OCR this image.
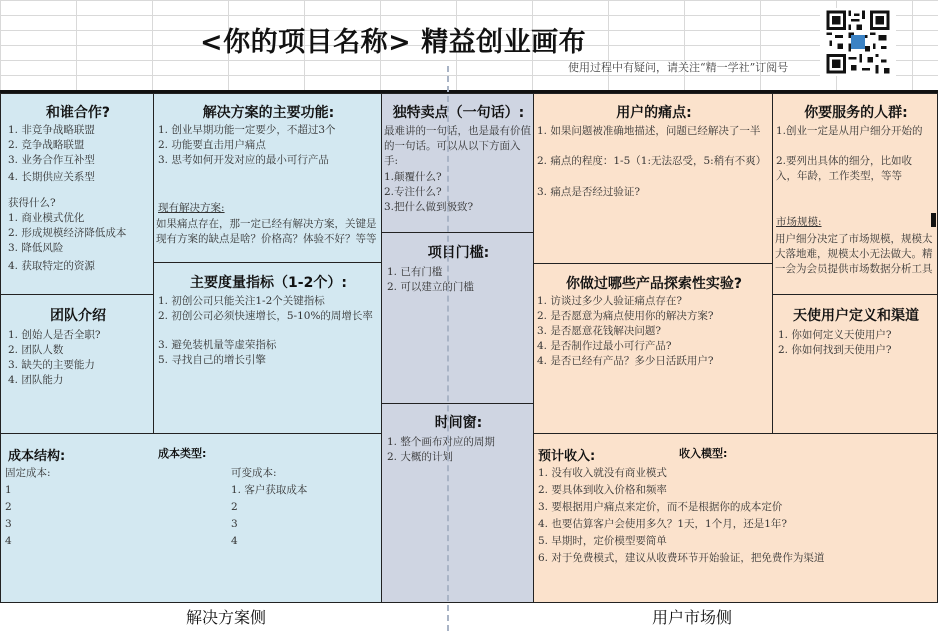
<你的项目名称> 精益创业画布
使用过程中有疑问，请关注“精一学社”订阅号
和谁合作?
1. 非竞争战略联盟
2. 竞争战略联盟
3. 业务合作互补型
4. 长期供应关系型
获得什么?
1. 商业模式优化
2. 形成规模经济降低成本
3. 降低风险
4. 获取特定的资源
团队介绍
1. 创始人是否全职?
2. 团队人数
3. 缺失的主要能力
4. 团队能力
解决方案的主要功能:
1. 创业早期功能一定要少，不超过3个
2. 功能要直击用户痛点
3. 思考如何开发对应的最小可行产品
现有解决方案:
如果痛点存在，那一定已经有解决方案，关键是现有方案的缺点是啥？价格高？体验不好？等等
主要度量指标（1-2个）:
1. 初创公司只能关注1-2个关键指标
2. 初创公司必须快速增长，5-10%的周增长率
3. 避免装机量等虚荣指标
5. 寻找自己的增长引擎
独特卖点（一句话）:
最难讲的一句话，也是最有价值的一句话。可以从以下方面入手:
1.颠覆什么?
2.专注什么?
3.把什么做到极致?
项目门槛:
1. 已有门槛
2. 可以建立的门槛
时间窗:
1. 整个画布对应的周期
2. 大概的计划
用户的痛点:
1. 如果问题被准确地描述，问题已经解决了一半
2. 痛点的程度：1-5（1:无法忍受，5:稍有不爽）
3. 痛点是否经过验证?
你做过哪些产品探索性实验?
1. 访谈过多少人验证痛点存在?
2. 是否愿意为痛点使用你的解决方案?
3. 是否愿意花钱解决问题?
4. 是否制作过最小可行产品?
4. 是否已经有产品？多少日活跃用户?
你要服务的人群:
1.创业一定是从用户细分开始的
2.要列出具体的细分，比如收入，年龄，工作类型，等等
市场规模:
用户细分决定了市场规模，规模太大落地难，规模太小无法做大。精一会为会员提供市场数据分析工具
天使用户定义和渠道
1. 你如何定义天使用户?
2. 你如何找到天使用户?
成本结构:	成本类型:
固定成本:
1
2
3
4
可变成本:
1. 客户获取成本
2
3
4
预计收入:	收入模型:
1. 没有收入就没有商业模式
2. 要具体到收入价格和频率
3. 要根据用户痛点来定价，而不是根据你的成本定价
4. 也要估算客户会使用多久？1天，1个月，还是1年?
5. 早期时，定价模型要简单
6. 对于免费模式，建议从收费环节开始验证，把免费作为渠道
解决方案侧	用户市场侧
